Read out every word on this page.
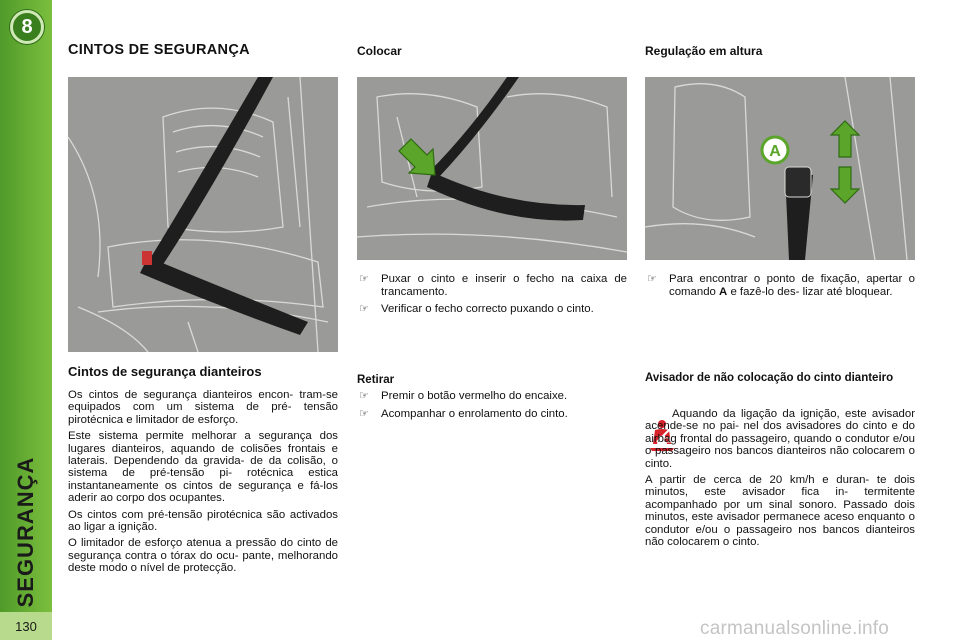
8
SEGURANÇA
130
CINTOS DE SEGURANÇA	Colocar	Regulação em altura
A
Cintos de segurança dianteiros

Os cintos de segurança dianteiros encon- tram-se equipados com um sistema de pré- tensão pirotécnica e limitador de esforço.

Este sistema permite melhorar a segurança dos lugares dianteiros, aquando de colisões frontais e laterais. Dependendo da gravida- de da colisão, o sistema de pré-tensão pi- rotécnica estica instantaneamente os cintos de segurança e fá-los aderir ao corpo dos ocupantes.

Os cintos com pré-tensão pirotécnica são activados ao ligar a ignição.

O limitador de esforço atenua a pressão do cinto de segurança contra o tórax do ocu- pante, melhorando deste modo o nível de protecção.

☞ Puxar o cinto e inserir o fecho na caixa de trancamento.
☞ Verificar o fecho correcto puxando o cinto.
Retirar
☞ Premir o botão vermelho do encaixe.
☞ Acompanhar o enrolamento do cinto.
☞ Para encontrar o ponto de fixação, apertar o comando A e fazê-lo des- lizar até bloquear.
Avisador de não colocação do cinto dianteiro

Aquando da ligação da ignição, este avisador acende-se no pai- nel dos avisadores do cinto e do airbag frontal do passageiro, quando o condutor e/ou o passageiro nos bancos dianteiros não colocarem o cinto.

A partir de cerca de 20 km/h e duran- te dois minutos, este avisador fica in- termitente acompanhado por um sinal sonoro. Passado dois minutos, este avisador permanece aceso enquanto o condutor e/ou o passageiro nos bancos dianteiros não colocarem o cinto.

carmanualsonline.info
